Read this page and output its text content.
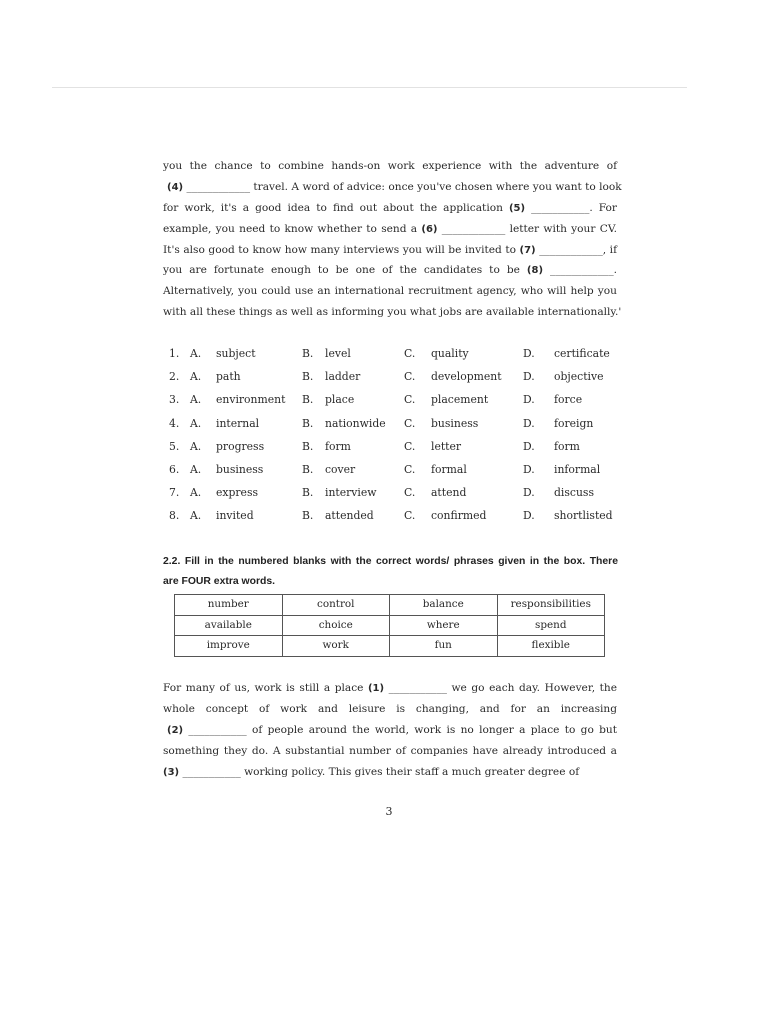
you the chance to combine hands-on work experience with the adventure of
(4) ____________ travel. A word of advice: once you've chosen where you want to look
for work, it's a good idea to find out about the application (5) ___________. For
example, you need to know whether to send a (6) ____________ letter with your CV.
It's also good to know how many interviews you will be invited to (7) ____________, if
you are fortunate enough to be one of the candidates to be (8) ____________.
Alternatively, you could use an international recruitment agency, who will help you
with all these things as well as informing you what jobs are available internationally.'
1. A. subject	B. level	C. quality	D. certificate
2. A. path	B. ladder	C. development D. objective
3. A. environment B. place	C. placement	D. force
4. A. internal	B. nationwide C. business	D. foreign
5. A. progress	B. form	C. letter	D. form
6. A. business	B. cover	C. formal	D. informal
7. A. express	B. interview	C. attend	D. discuss
8. A. invited	B. attended	C. confirmed	D. shortlisted
2.2. Fill in the numbered blanks with the correct words/ phrases given in the box. There
are FOUR extra words.
number	control	balance	responsibilities
available	choice	where	spend
improve	work	fun	flexible
For many of us, work is still a place (1) ___________ we go each day. However, the
whole concept of work and leisure is changing, and for an increasing
(2) ___________ of people around the world, work is no longer a place to go but
something they do. A substantial number of companies have already introduced a
(3) ___________ working policy. This gives their staff a much greater degree of
3
